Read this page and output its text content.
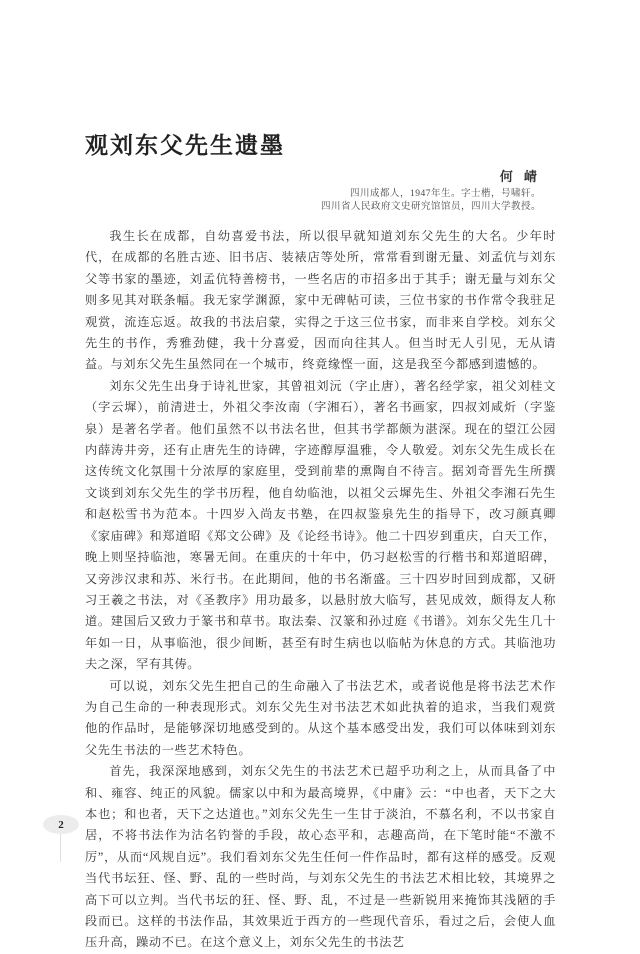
观刘东父先生遗墨
何 崝
四川成都人，1947年生。字士楷，号啸轩。
四川省人民政府文史研究馆馆员，四川大学教授。

我生长在成都，自幼喜爱书法，所以很早就知道刘东父先生的大名。少年时代，在成都的名胜古迹、旧书店、装裱店等处所，常常看到谢无量、刘孟伉与刘东父等书家的墨迹，刘孟伉特善榜书，一些名店的市招多出于其手；谢无量与刘东父则多见其对联条幅。我无家学渊源，家中无碑帖可读，三位书家的书作常令我驻足观赏，流连忘返。故我的书法启蒙，实得之于这三位书家，而非来自学校。刘东父先生的书作，秀雅劲健，我十分喜爱，因而向往其人。但当时无人引见，无从请益。与刘东父先生虽然同在一个城市，终竟缘悭一面，这是我至今都感到遗憾的。

刘东父先生出身于诗礼世家，其曾祖刘沅（字止唐），著名经学家，祖父刘桂文（字云墀），前清进士，外祖父李汝南（字湘石），著名书画家，四叔刘咸炘（字鉴泉）是著名学者。他们虽然不以书法名世，但其书学都颇为湛深。现在的望江公园内薛涛井旁，还有止唐先生的诗碑，字迹醇厚温雅，令人敬爱。刘东父先生成长在这传统文化氛围十分浓厚的家庭里，受到前辈的熏陶自不待言。据刘奇晋先生所撰文谈到刘东父先生的学书历程，他自幼临池，以祖父云墀先生、外祖父李湘石先生和赵松雪书为范本。十四岁入尚友书塾，在四叔鉴泉先生的指导下，改习颜真卿《家庙碑》和郑道昭《郑文公碑》及《论经书诗》。他二十四岁到重庆，白天工作，晚上则坚持临池，寒暑无间。在重庆的十年中，仍习赵松雪的行楷书和郑道昭碑，又旁涉汉隶和苏、米行书。在此期间，他的书名渐盛。三十四岁时回到成都，又研习王羲之书法，对《圣教序》用功最多，以悬肘放大临写，甚见成效，颇得友人称道。建国后又致力于篆书和草书。取法秦、汉篆和孙过庭《书谱》。刘东父先生几十年如一日，从事临池，很少间断，甚至有时生病也以临帖为休息的方式。其临池功夫之深，罕有其俦。

可以说，刘东父先生把自己的生命融入了书法艺术，或者说他是将书法艺术作为自己生命的一种表现形式。刘东父先生对书法艺术如此执着的追求，当我们观赏他的作品时，是能够深切地感受到的。从这个基本感受出发，我们可以体味到刘东父先生书法的一些艺术特色。

首先，我深深地感到，刘东父先生的书法艺术已超乎功利之上，从而具备了中和、雍容、纯正的风貌。儒家以中和为最高境界，《中庸》云：“中也者，天下之大本也；和也者，天下之达道也。”刘东父先生一生甘于淡泊，不慕名利，不以书家自居，不将书法作为沽名钓誉的手段，故心态平和，志趣高尚，在下笔时能“不激不厉”，从而“风规自远”。我们看刘东父先生任何一件作品时，都有这样的感受。反观当代书坛狂、怪、野、乱的一些时尚，与刘东父先生的书法艺术相比较，其境界之高下可以立判。当代书坛的狂、怪、野、乱，不过是一些新锐用来掩饰其浅陋的手段而已。这样的书法作品，其效果近于西方的一些现代音乐，看过之后，会使人血压升高，躁动不已。在这个意义上，刘东父先生的书法艺

2
